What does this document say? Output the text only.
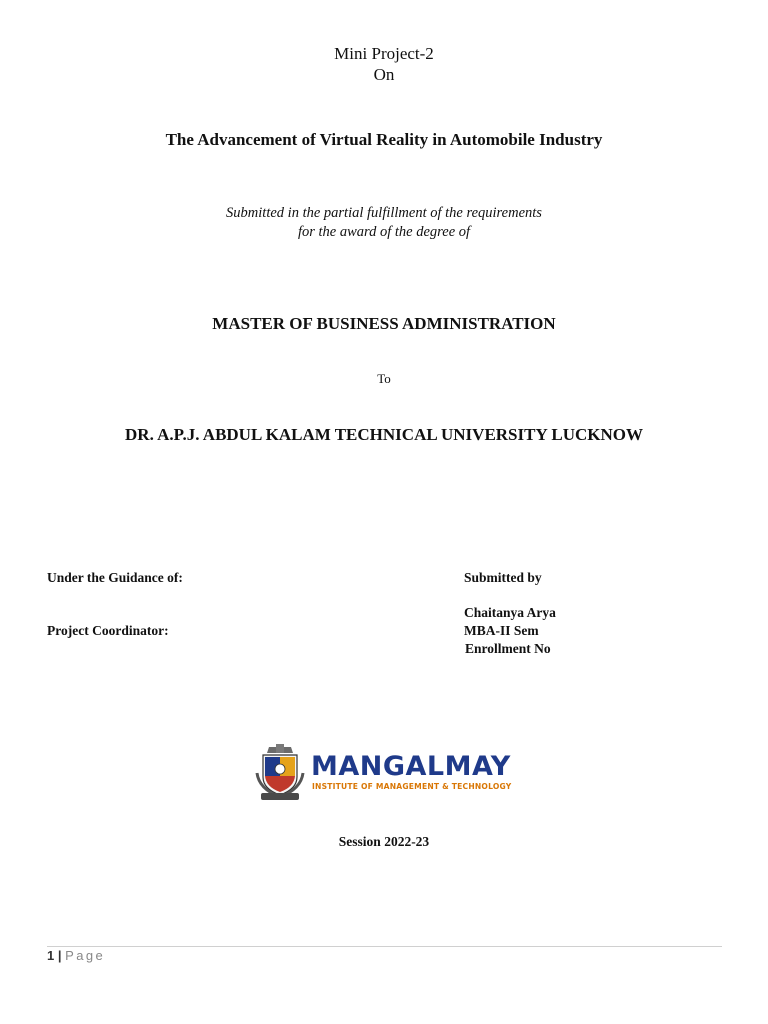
Mini Project-2
On
The Advancement of Virtual Reality in Automobile Industry
Submitted in the partial fulfillment of the requirements
for the award of the degree of
MASTER OF BUSINESS ADMINISTRATION
To
DR. A.P.J. ABDUL KALAM TECHNICAL UNIVERSITY LUCKNOW
Under the Guidance of:
Project Coordinator:
Submitted by
Chaitanya Arya
MBA-II Sem
Enrollment No
MANGALMAY
INSTITUTE OF MANAGEMENT & TECHNOLOGY
Session 2022-23
1 | Page
